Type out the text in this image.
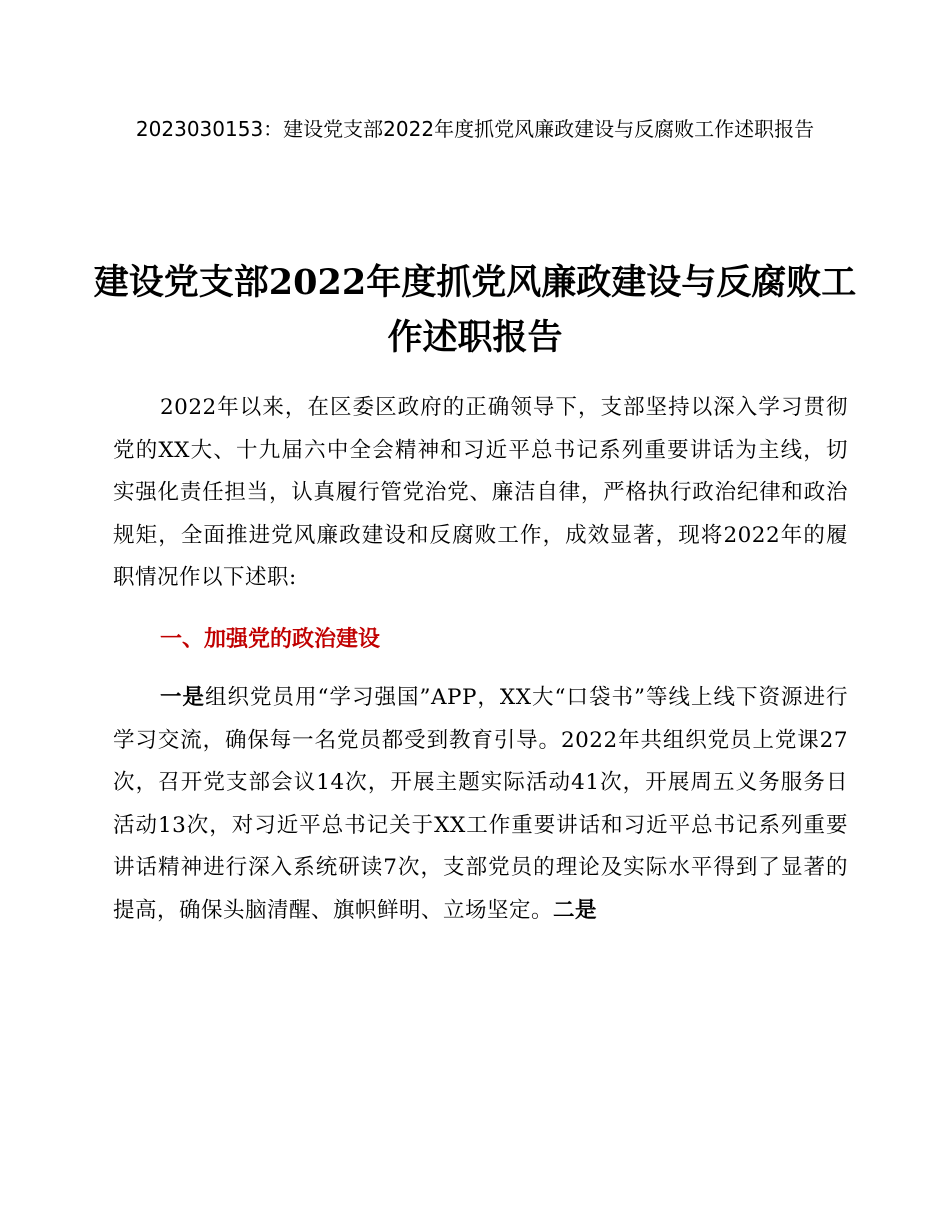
2023030153：建设党支部2022年度抓党风廉政建设与反腐败工作述职报告
建设党支部2022年度抓党风廉政建设与反腐败工作述职报告

2022年以来，在区委区政府的正确领导下，支部坚持以深入学习贯彻党的XX大、十九届六中全会精神和习近平总书记系列重要讲话为主线，切实强化责任担当，认真履行管党治党、廉洁自律，严格执行政治纪律和政治规矩，全面推进党风廉政建设和反腐败工作，成效显著，现将2022年的履职情况作以下述职:

一、加强党的政治建设

一是组织党员用“学习强国”APP，XX大“口袋书”等线上线下资源进行学习交流，确保每一名党员都受到教育引导。2022年共组织党员上党课27次，召开党支部会议14次，开展主题实际活动41次，开展周五义务服务日活动13次，对习近平总书记关于XX工作重要讲话和习近平总书记系列重要讲话精神进行深入系统研读7次，支部党员的理论及实际水平得到了显著的提高，确保头脑清醒、旗帜鲜明、立场坚定。二是
